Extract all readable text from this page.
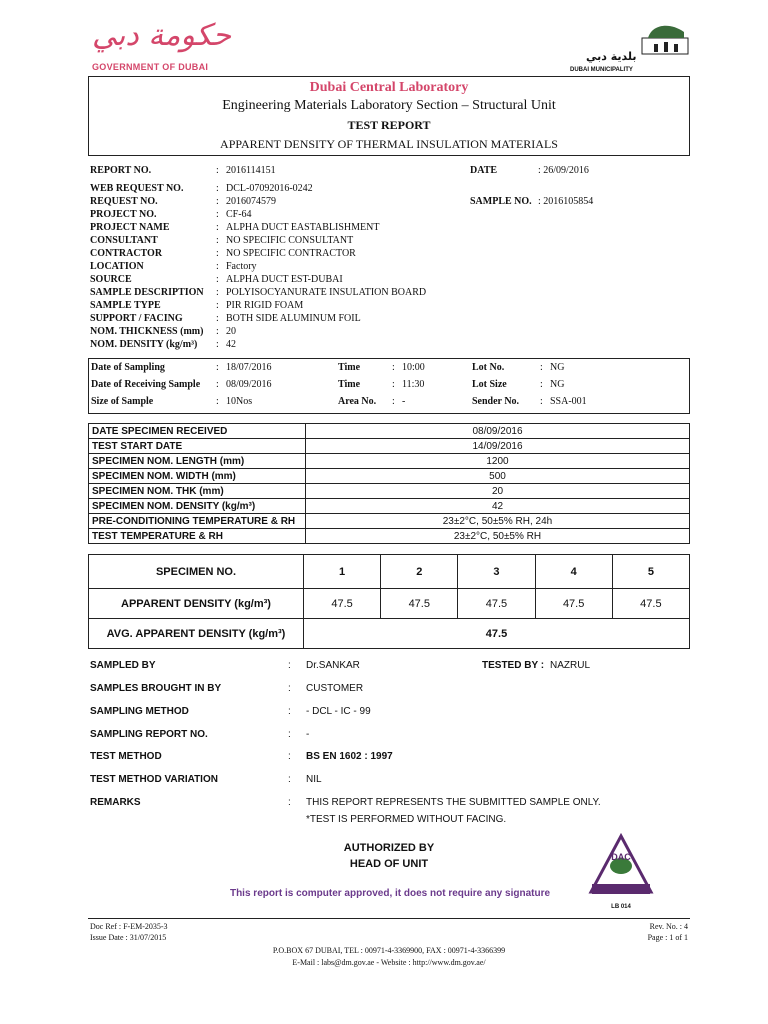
حكومة دبي
GOVERNMENT OF DUBAI
بلدية دبي
DUBAI MUNICIPALITY
Dubai Central Laboratory
Engineering Materials Laboratory Section – Structural Unit
TEST REPORT
APPARENT DENSITY OF THERMAL INSULATION MATERIALS
REPORT NO.	: 2016114151	DATE	: 26/09/2016
SAMPLE NO. : 2016105854
WEB REQUEST NO.	: DCL-07092016-0242
REQUEST NO.	: 2016074579
PROJECT NO.	: CF-64
PROJECT NAME	: ALPHA DUCT EASTABLISHMENT
CONSULTANT	: NO SPECIFIC CONSULTANT
CONTRACTOR	: NO SPECIFIC CONTRACTOR
LOCATION	: Factory
SOURCE	: ALPHA DUCT EST-DUBAI
SAMPLE DESCRIPTION : POLYISOCYANURATE INSULATION BOARD
SAMPLE TYPE	: PIR RIGID FOAM
SUPPORT / FACING	: BOTH SIDE ALUMINUM FOIL
NOM. THICKNESS (mm) : 20
NOM. DENSITY (kg/m³) : 42
Date of Sampling	: 18/07/2016	Time	: 10:00	Lot No.	: NG
Date of Receiving Sample : 08/09/2016	Time	: 11:30	Lot Size	: NG
Size of Sample	: 10Nos	Area No. : -	Sender No. : SSA-001
DATE SPECIMEN RECEIVED	08/09/2016
TEST START DATE	14/09/2016
SPECIMEN NOM. LENGTH (mm)	1200
SPECIMEN NOM. WIDTH (mm)	500
SPECIMEN NOM. THK (mm)	20
SPECIMEN NOM. DENSITY (kg/m³)	42
PRE-CONDITIONING TEMPERATURE & RH	23±2°C, 50±5% RH, 24h
TEST TEMPERATURE & RH	23±2°C, 50±5% RH
SPECIMEN NO.	1	2	3	4	5
APPARENT DENSITY (kg/m³)	47.5	47.5	47.5	47.5	47.5
AVG. APPARENT DENSITY (kg/m³)	47.5				
SAMPLED BY	: Dr.SANKAR	TESTED BY : NAZRUL
SAMPLES BROUGHT IN BY	: CUSTOMER
SAMPLING METHOD	: - DCL - IC - 99
SAMPLING REPORT NO.	: -
TEST METHOD	: BS EN 1602 : 1997
TEST METHOD VARIATION	: NIL
REMARKS	: THIS REPORT REPRESENTS THE SUBMITTED SAMPLE ONLY.
*TEST IS PERFORMED WITHOUT FACING.
AUTHORIZED BY
HEAD OF UNIT
This report is computer approved, it does not require any signature
DAC
LB 014
Doc Ref : F-EM-2035-3
Issue Date : 31/07/2015
Rev. No. : 4
Page : 1 of 1
P.O.BOX 67 DUBAI, TEL : 00971-4-3369900, FAX : 00971-4-3366399
E-Mail : labs@dm.gov.ae - Website : http://www.dm.gov.ae/
